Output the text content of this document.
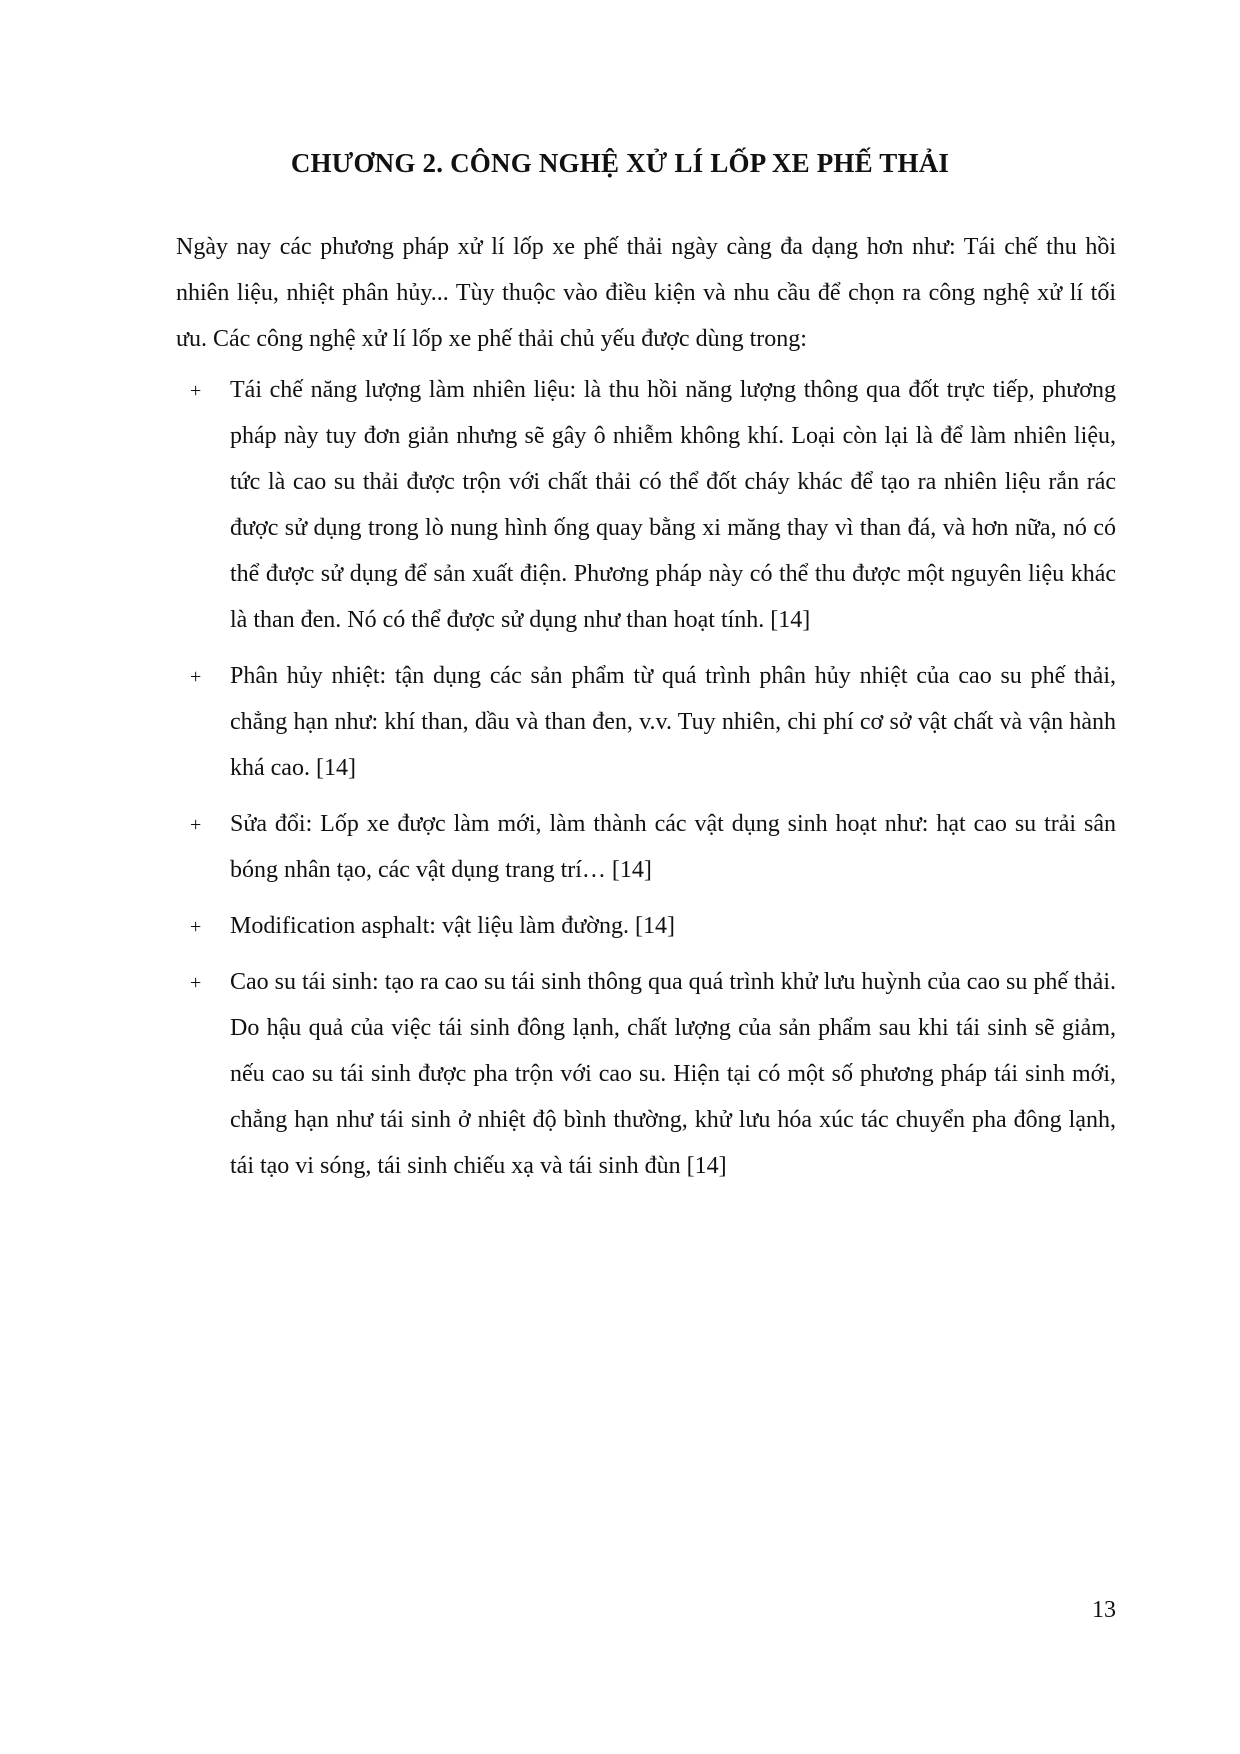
CHƯƠNG 2. CÔNG NGHỆ XỬ LÍ LỐP XE PHẾ THẢI

Ngày nay các phương pháp xử lí lốp xe phế thải ngày càng đa dạng hơn như: Tái chế thu hồi nhiên liệu, nhiệt phân hủy... Tùy thuộc vào điều kiện và nhu cầu để chọn ra công nghệ xử lí tối ưu. Các công nghệ xử lí lốp xe phế thải chủ yếu được dùng trong:

+ Tái chế năng lượng làm nhiên liệu: là thu hồi năng lượng thông qua đốt trực tiếp, phương pháp này tuy đơn giản nhưng sẽ gây ô nhiễm không khí. Loại còn lại là để làm nhiên liệu, tức là cao su thải được trộn với chất thải có thể đốt cháy khác để tạo ra nhiên liệu rắn rác được sử dụng trong lò nung hình ống quay bằng xi măng thay vì than đá, và hơn nữa, nó có thể được sử dụng để sản xuất điện. Phương pháp này có thể thu được một nguyên liệu khác là than đen. Nó có thể được sử dụng như than hoạt tính. [14]
+ Phân hủy nhiệt: tận dụng các sản phẩm từ quá trình phân hủy nhiệt của cao su phế thải, chẳng hạn như: khí than, dầu và than đen, v.v. Tuy nhiên, chi phí cơ sở vật chất và vận hành khá cao. [14]
+ Sửa đổi: Lốp xe được làm mới, làm thành các vật dụng sinh hoạt như: hạt cao su trải sân bóng nhân tạo, các vật dụng trang trí… [14]
+ Modification asphalt: vật liệu làm đường. [14]
+ Cao su tái sinh: tạo ra cao su tái sinh thông qua quá trình khử lưu huỳnh của cao su phế thải. Do hậu quả của việc tái sinh đông lạnh, chất lượng của sản phẩm sau khi tái sinh sẽ giảm, nếu cao su tái sinh được pha trộn với cao su. Hiện tại có một số phương pháp tái sinh mới, chẳng hạn như tái sinh ở nhiệt độ bình thường, khử lưu hóa xúc tác chuyển pha đông lạnh, tái tạo vi sóng, tái sinh chiếu xạ và tái sinh đùn [14]
13
